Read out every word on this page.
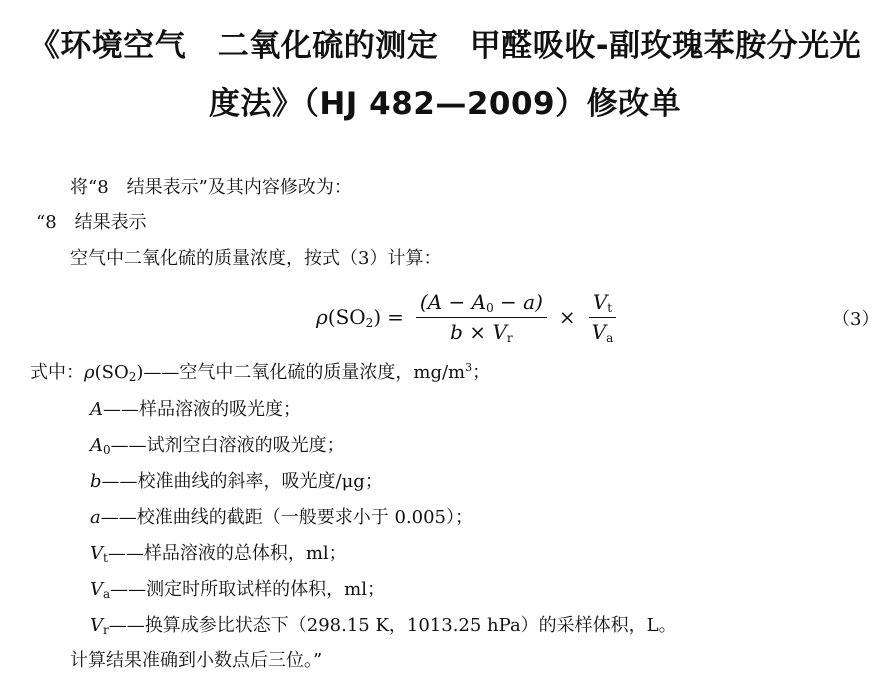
《环境空气　二氧化硫的测定　甲醛吸收-副玫瑰苯胺分光光
度法》（HJ 482—2009）修改单
将“8　结果表示”及其内容修改为：
“8　结果表示
空气中二氧化硫的质量浓度，按式（3）计算：
$\rho(SO_2) = \frac{(A - A_0 - a)}{b \times V_r} \times \frac{V_t}{V_a}$	（3）
式中：$\rho(SO_2)——$空气中二氧化硫的质量浓度，$mg/m^3$；
A——样品溶液的吸光度；
$A_0——$试剂空白溶液的吸光度；
b——校准曲线的斜率，吸光度/μg；
a——校准曲线的截距（一般要求小于 0.005）；
$V_t——$样品溶液的总体积，ml；
$V_a——$测定时所取试样的体积，ml；
$V_r——$换算成参比状态下（298.15 K，1013.25 hPa）的采样体积，L。
计算结果准确到小数点后三位。”
